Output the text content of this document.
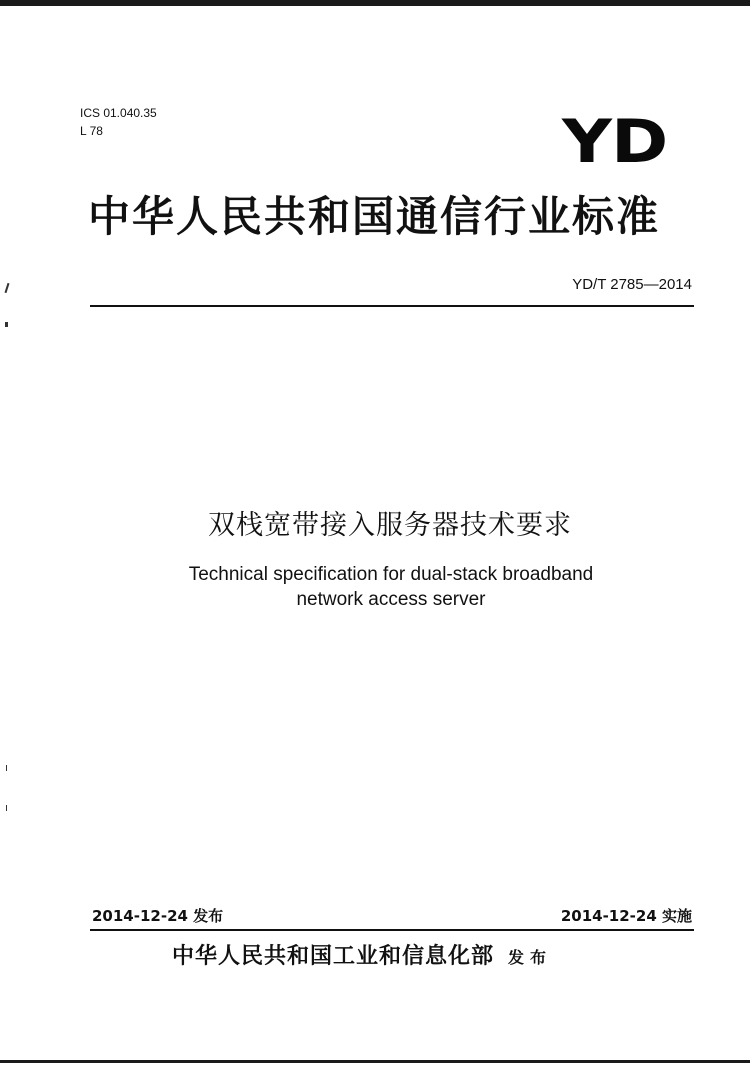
ICS 01.040.35
L 78	Y
D
中华人民共和国通信行业标准
YD/T 2785—2014
双栈宽带接入服务器技术要求
Technical specification for dual-stack broadband
network access server
2014-12-24 发布	2014-12-24 实施
中华人民共和国工业和信息化部 发布
